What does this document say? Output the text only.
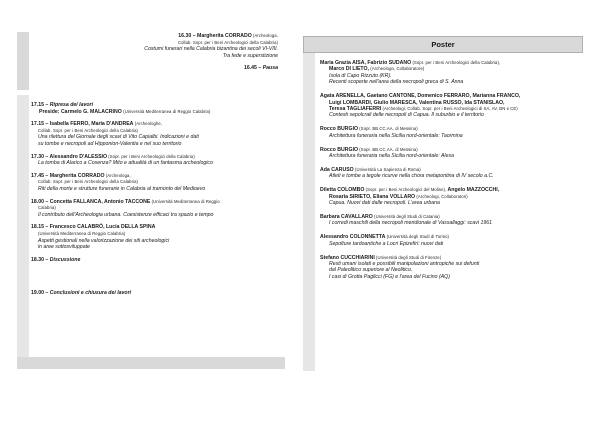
16.30 – Margherita CORRADO (Archeologa,
Collab. Sopr. per i Beni Archeologici della Calabria)
Costumi funerari nella Calabria bizantina dei secoli VI-VIII.
Tra fede e superstizione
16.45 – Pausa
17.15 – Ripresa dei lavori
Preside: Carmelo G. MALACRINO (Università Mediterranea di Reggio Calabria)
17.15 – Isabella FERRO, Maria D'ANDREA (Archeologhe,
Collab. Sopr. per i Beni Archeologici della Calabria)
Una rilettura del Giornale degli scavi di Vito Capialbi. Indicazioni e dati
su tombe e necropoli ad Hipponion-Valentia e nel suo territorio
17.30 – Alessandro D'ALESSIO (Sopr. per i Beni Archeologici della Calabria)
La tomba di Alarico a Cosenza? Mito e attualità di un fantasma archeologico
17.45 – Margherita CORRADO (Archeologa,
Collab. Sopr. per i Beni Archeologici della Calabria)
Riti della morte e strutture funerarie in Calabria al tramonto del Medioevo
18.00 – Concetta FALLANCA, Antonio TACCONE (Università Mediterranea di Reggio
Calabria)
Il contributo dell'Archeologia urbana. Coesistenze efficaci tra spazio e tempo
18.15 – Francesco CALABRÒ, Lucia DELLA SPINA
(Università Mediterranea di Reggio Calabria)
Aspetti gestionali nella valorizzazione dei siti archeologici
in aree sottosviluppate
18.30 – Discussione
19.00 – Conclusioni e chiusura dei lavori
Poster
Maria Grazia AISA, Fabrizio SUDANO (Sopr. per i Beni Archeologici della Calabria),
Marco DI LIETO, (Archeologo, Collaboratore)
Isola di Capo Rizzuto (KR).
Recenti scoperte nell'area della necropoli greca di S. Anna
Agata ARENELLA, Gaetano CANTONE, Domenico FERRARO, Marianna FRANCO,
Luigi LOMBARDI, Giulio MARESCA, Valentina RUSSO, Ida STANISLAO,
Teresa TAGLIAFERRI (Archeologi, Collab. Sopr. per i Beni Archeologici di SA, AV, BN e CE)
Contesti sepolcrali delle necropoli di Capua. Il suburbio e il territorio
Rocco BURGIO (Sopr. BB.CC.AA. di Messina)
Architettura funeraria nella Sicilia nord-orientale: Taormina
Rocco BURGIO (Sopr. BB.CC.AA. di Messina)
Architettura funeraria nella Sicilia nord-orientale: Alesa
Ada CARUSO (Università La Sapienza di Roma)
Atleti e tombe a tegole ricurve nella chora metapontina di IV secolo a.C.
Diletta COLOMBO (Sopr. per i Beni Archeologici del Molise), Angelo MAZZOCCHI,
Rosaria SIRIETO, Eliana VOLLARO (Archeologi, Collaboratori)
Capua. Nuovi dati dalle necropoli. L'area urbana
Barbara CAVALLARO (Università degli Studi di Catania)
I corredi maschili della necropoli meridionale di Vassallaggi: scavi 1961
Alessandro COLONNETTA (Università degli Studi di Torino)
Sepolture tardoantiche a Locri Epizefiri: nuovi dati
Stefano CUCCHIARINI (Università degli Studi di Firenze)
Resti umani isolati e possibili manipolazioni antropiche sui defunti
dal Paleolitico superiore al Neolitico.
I casi di Grotta Paglicci (FG) e l'area del Fucino (AQ)
